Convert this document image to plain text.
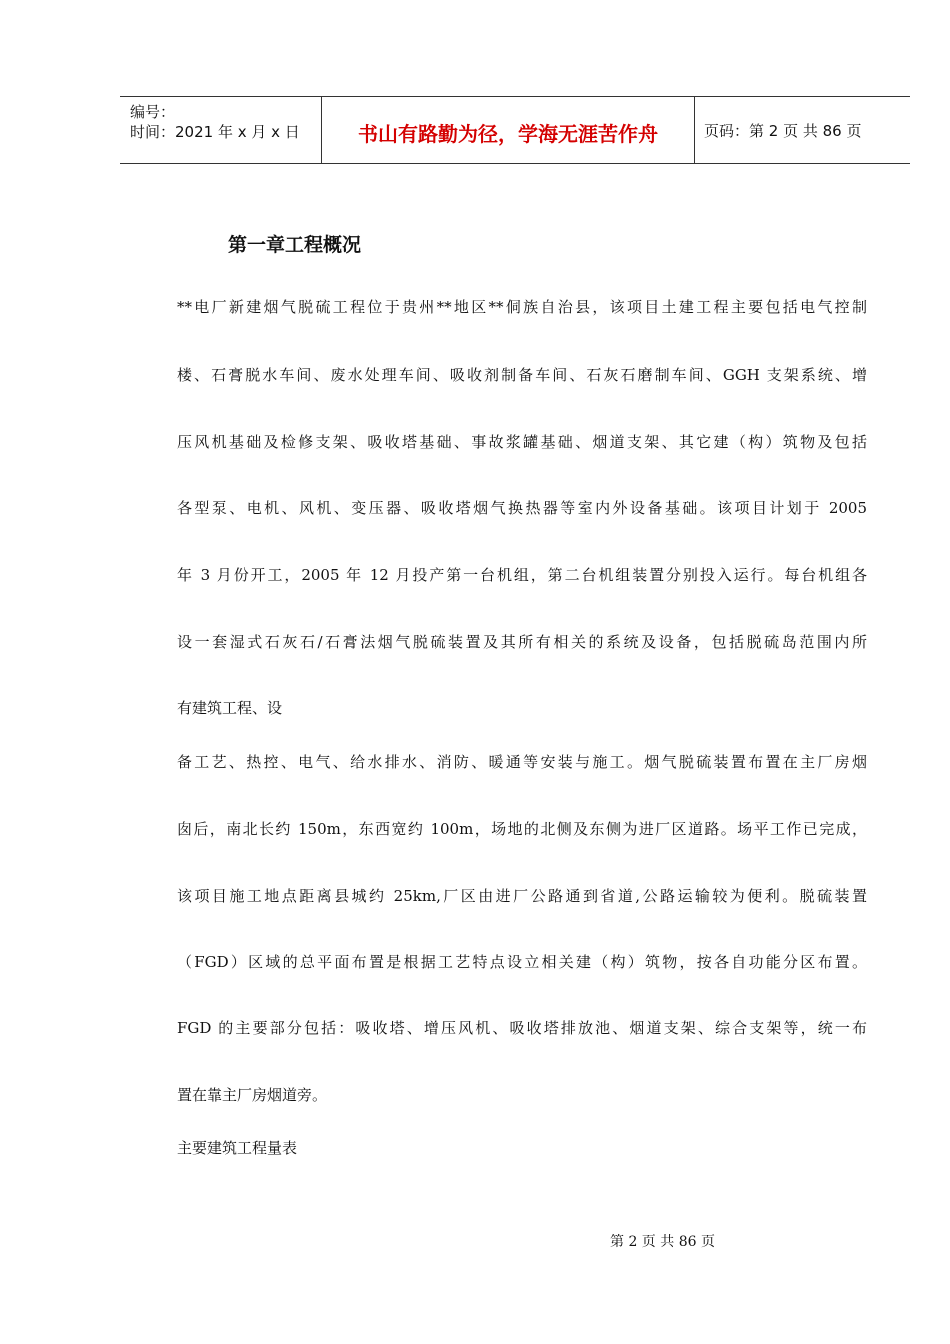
编号：
时间：2021 年 x 月 x 日	书山有路勤为径，学海无涯苦作舟	页码：第 2 页 共 86 页
第一章工程概况
**电厂新建烟气脱硫工程位于贵州**地区**侗族自治县，该项目土建工程主要包括电气控制
楼、石膏脱水车间、废水处理车间、吸收剂制备车间、石灰石磨制车间、GGH 支架系统、增
压风机基础及检修支架、吸收塔基础、事故浆罐基础、烟道支架、其它建（构）筑物及包括
各型泵、电机、风机、变压器、吸收塔烟气换热器等室内外设备基础。该项目计划于 2005
年 3 月份开工，2005 年 12 月投产第一台机组，第二台机组装置分别投入运行。每台机组各
设一套湿式石灰石/石膏法烟气脱硫装置及其所有相关的系统及设备，包括脱硫岛范围内所
有建筑工程、设
备工艺、热控、电气、给水排水、消防、暖通等安装与施工。烟气脱硫装置布置在主厂房烟
囱后，南北长约 150m，东西宽约 100m，场地的北侧及东侧为进厂区道路。场平工作已完成，
该项目施工地点距离县城约 25km,厂区由进厂公路通到省道,公路运输较为便利。脱硫装置
（FGD）区域的总平面布置是根据工艺特点设立相关建（构）筑物，按各自功能分区布置。
FGD 的主要部分包括：吸收塔、增压风机、吸收塔排放池、烟道支架、综合支架等，统一布
置在靠主厂房烟道旁。
主要建筑工程量表
第 2 页 共 86 页
